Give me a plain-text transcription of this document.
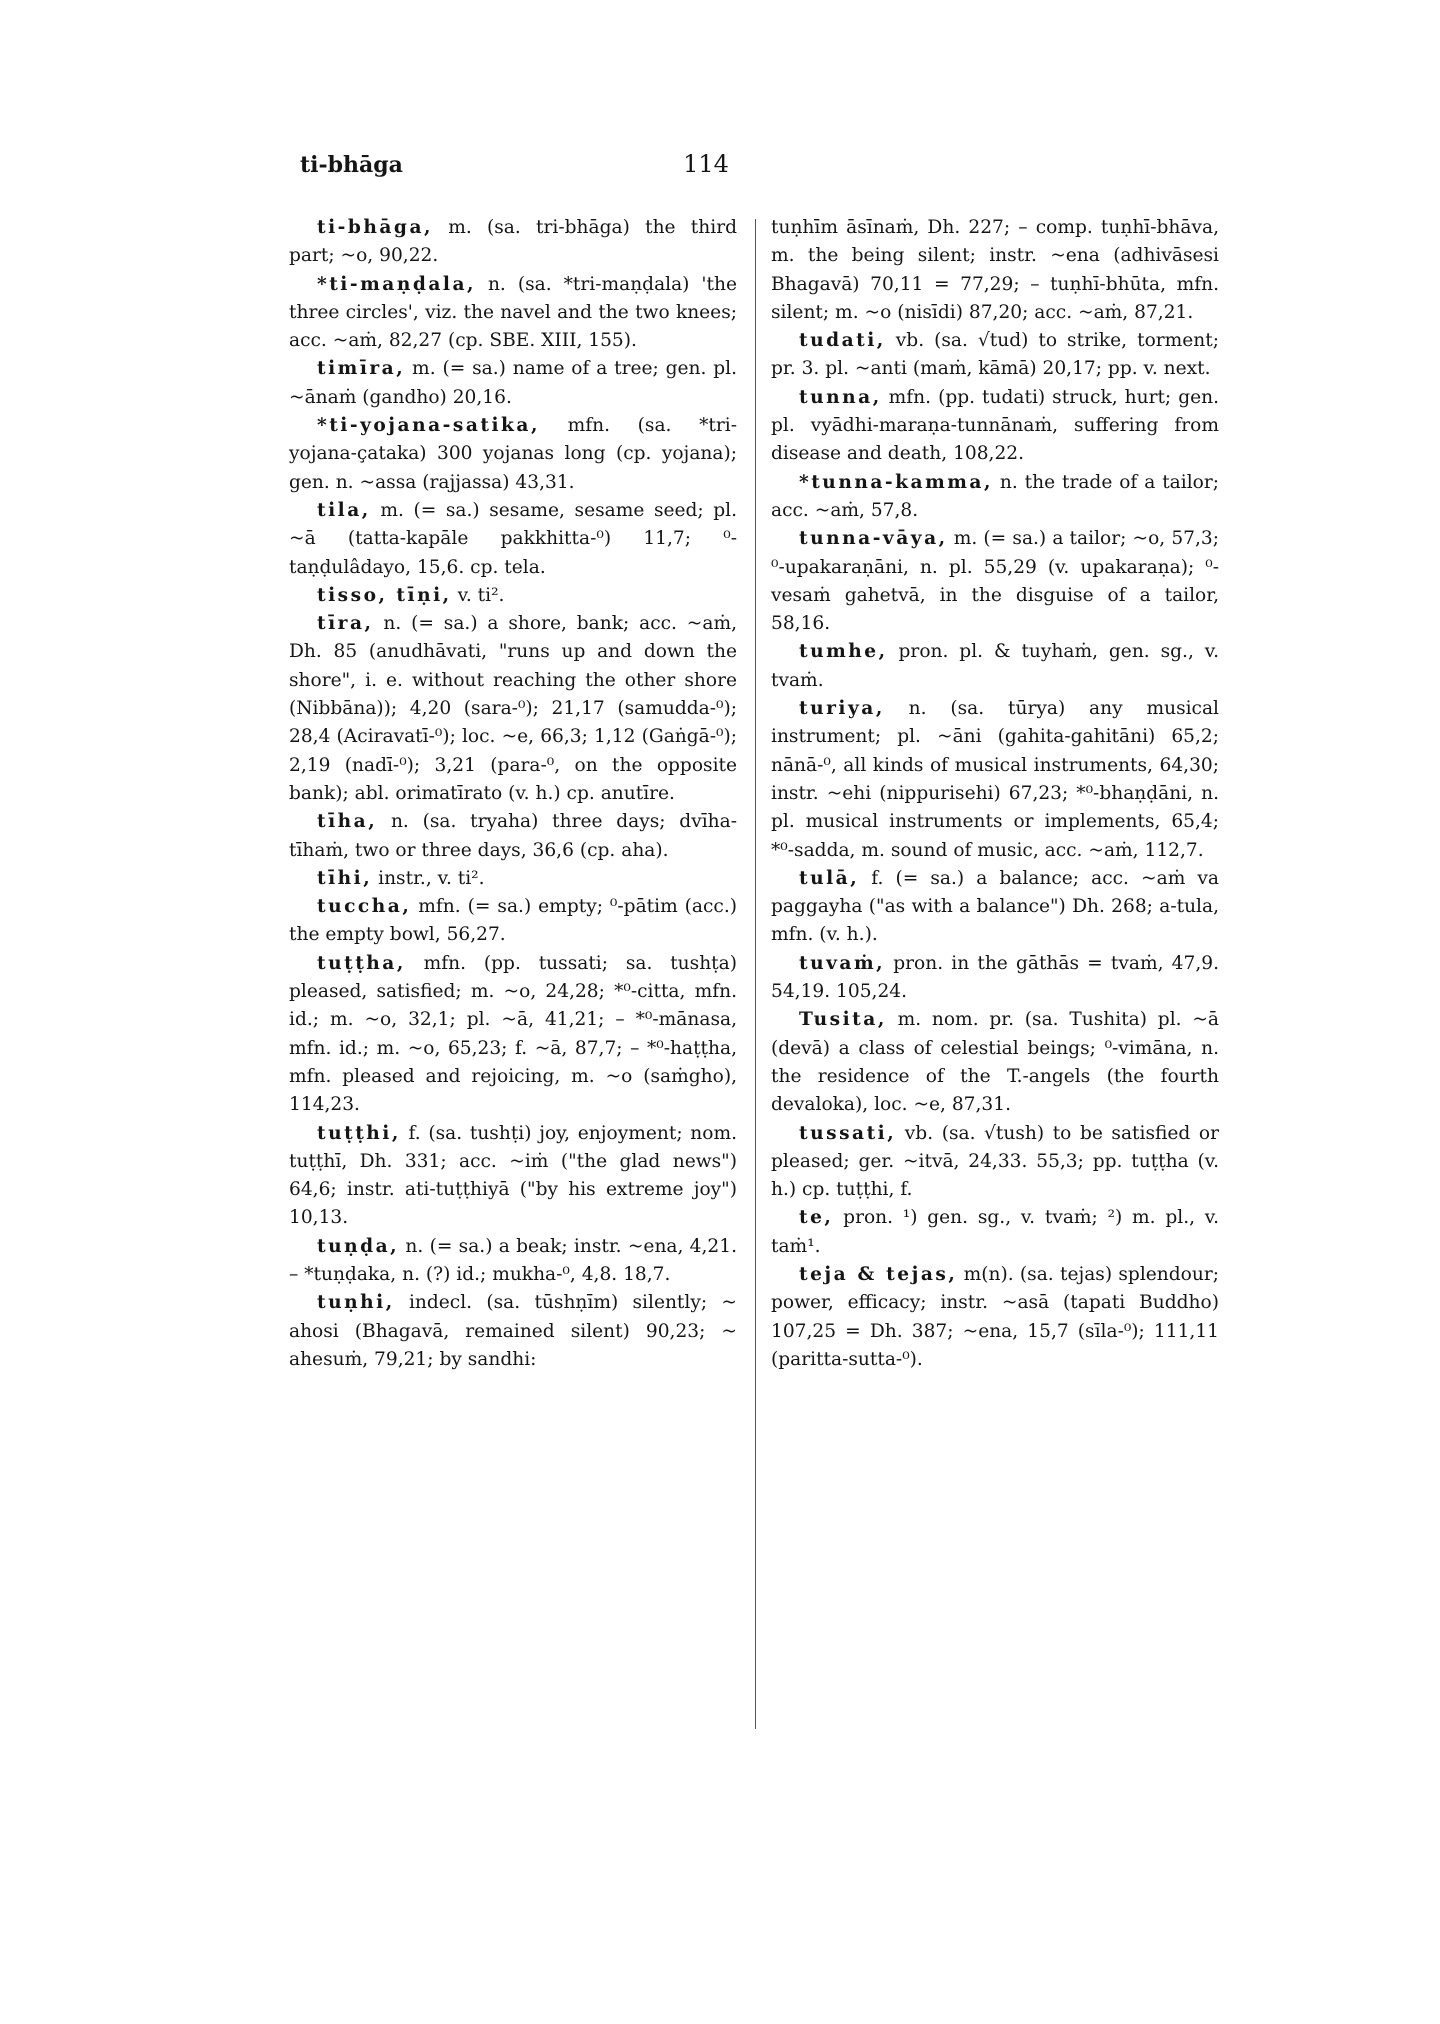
ti-bhāga	114

ti-bhāga, m. (sa. tri-bhāga) the third part; ~o, 90,22.

*ti-maṇḍala, n. (sa. *tri-maṇḍala) 'the three circles', viz. the navel and the two knees; acc. ~aṁ, 82,27 (cp. SBE. XIII, 155).

timīra, m. (= sa.) name of a tree; gen. pl. ~ānaṁ (gandho) 20,16.

*ti-yojana-satika, mfn. (sa. *tri-yojana-çataka) 300 yojanas long (cp. yojana); gen. n. ~assa (rajjassa) 43,31.

tila, m. (= sa.) sesame, sesame seed; pl. ~ā (tatta-kapāle pakkhitta-⁰) 11,7; ⁰-taṇḍulâdayo, 15,6. cp. tela.

tisso, tīṇi, v. ti².

tīra, n. (= sa.) a shore, bank; acc. ~aṁ, Dh. 85 (anudhāvati, "runs up and down the shore", i. e. without reaching the other shore (Nibbāna)); 4,20 (sara-⁰); 21,17 (samudda-⁰); 28,4 (Aciravatī-⁰); loc. ~e, 66,3; 1,12 (Gaṅgā-⁰); 2,19 (nadī-⁰); 3,21 (para-⁰, on the opposite bank); abl. orimatīrato (v. h.) cp. anutīre.

tīha, n. (sa. tryaha) three days; dvīha-tīhaṁ, two or three days, 36,6 (cp. aha).

tīhi, instr., v. ti².

tuccha, mfn. (= sa.) empty; ⁰-pātim (acc.) the empty bowl, 56,27.

tuṭṭha, mfn. (pp. tussati; sa. tushṭa) pleased, satisfied; m. ~o, 24,28; *⁰-citta, mfn. id.; m. ~o, 32,1; pl. ~ā, 41,21; – *⁰-mānasa, mfn. id.; m. ~o, 65,23; f. ~ā, 87,7; – *⁰-haṭṭha, mfn. pleased and rejoicing, m. ~o (saṁgho), 114,23.

tuṭṭhi, f. (sa. tushṭi) joy, enjoyment; nom. tuṭṭhī, Dh. 331; acc. ~iṁ ("the glad news") 64,6; instr. ati-tuṭṭhiyā ("by his extreme joy") 10,13.

tuṇḍa, n. (= sa.) a beak; instr. ~ena, 4,21. – *tuṇḍaka, n. (?) id.; mukha-⁰, 4,8. 18,7.

tuṇhi, indecl. (sa. tūshṇīm) silently; ~ ahosi (Bhagavā, remained silent) 90,23; ~ ahesuṁ, 79,21; by sandhi:

tuṇhīm āsīnaṁ, Dh. 227; – comp. tuṇhī-bhāva, m. the being silent; instr. ~ena (adhivāsesi Bhagavā) 70,11 = 77,29; – tuṇhī-bhūta, mfn. silent; m. ~o (nisīdi) 87,20; acc. ~aṁ, 87,21.

tudati, vb. (sa. √tud) to strike, torment; pr. 3. pl. ~anti (maṁ, kāmā) 20,17; pp. v. next.

tunna, mfn. (pp. tudati) struck, hurt; gen. pl. vyādhi-maraṇa-tunnānaṁ, suffering from disease and death, 108,22.

*tunna-kamma, n. the trade of a tailor; acc. ~aṁ, 57,8.

tunna-vāya, m. (= sa.) a tailor; ~o, 57,3; ⁰-upakaraṇāni, n. pl. 55,29 (v. upakaraṇa); ⁰-vesaṁ gahetvā, in the disguise of a tailor, 58,16.

tumhe, pron. pl. & tuyhaṁ, gen. sg., v. tvaṁ.

turiya, n. (sa. tūrya) any musical instrument; pl. ~āni (gahita-gahitāni) 65,2; nānā-⁰, all kinds of musical instruments, 64,30; instr. ~ehi (nippurisehi) 67,23; *⁰-bhaṇḍāni, n. pl. musical instruments or implements, 65,4; *⁰-sadda, m. sound of music, acc. ~aṁ, 112,7.

tulā, f. (= sa.) a balance; acc. ~aṁ va paggayha ("as with a balance") Dh. 268; a-tula, mfn. (v. h.).

tuvaṁ, pron. in the gāthās = tvaṁ, 47,9. 54,19. 105,24.

Tusita, m. nom. pr. (sa. Tushita) pl. ~ā (devā) a class of celestial beings; ⁰-vimāna, n. the residence of the T.-angels (the fourth devaloka), loc. ~e, 87,31.

tussati, vb. (sa. √tush) to be satisfied or pleased; ger. ~itvā, 24,33. 55,3; pp. tuṭṭha (v. h.) cp. tuṭṭhi, f.

te, pron. ¹) gen. sg., v. tvaṁ; ²) m. pl., v. taṁ¹.

teja & tejas, m(n). (sa. tejas) splendour; power, efficacy; instr. ~asā (tapati Buddho) 107,25 = Dh. 387; ~ena, 15,7 (sīla-⁰); 111,11 (paritta-sutta-⁰).
